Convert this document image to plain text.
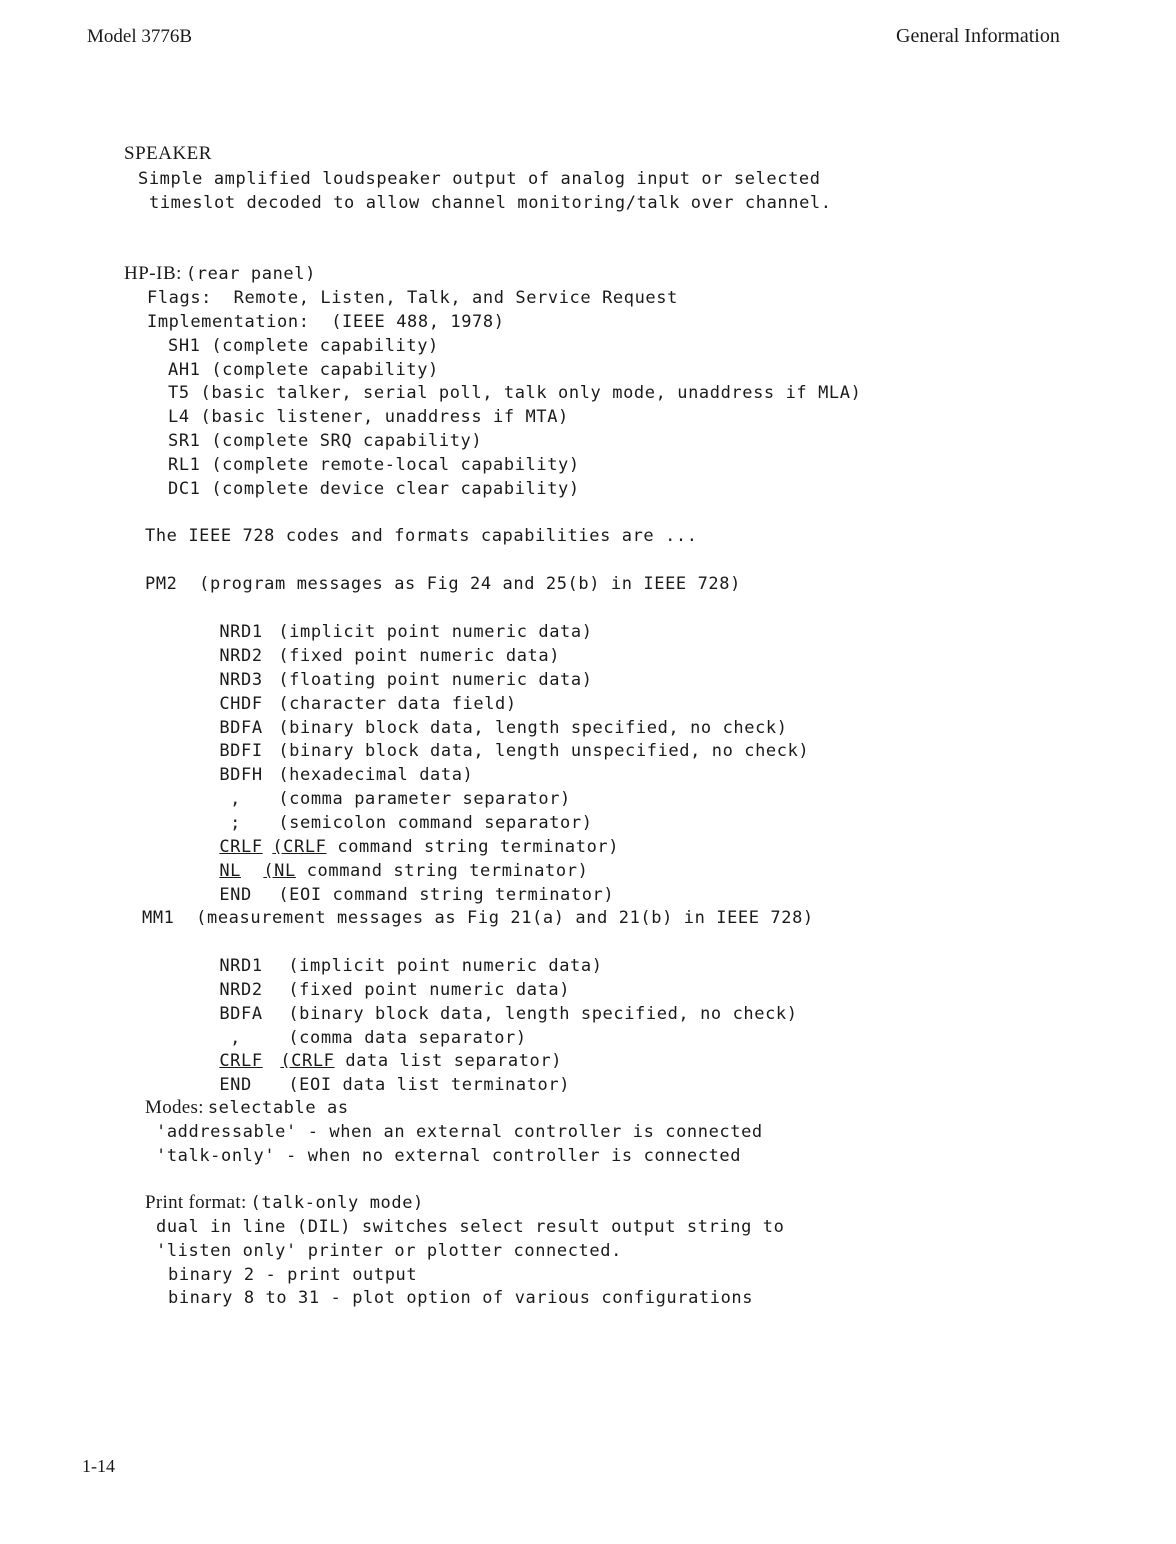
Model 3776B	General Information
1-14
SPEAKER
Simple amplified loudspeaker output of analog input or selected
timeslot decoded to allow channel monitoring/talk over channel.
HP-IB: (rear panel)
Flags:  Remote, Listen, Talk, and Service Request
Implementation:  (IEEE 488, 1978)
SH1 (complete capability)
AH1 (complete capability)
T5 (basic talker, serial poll, talk only mode, unaddress if MLA)
L4 (basic listener, unaddress if MTA)
SR1 (complete SRQ capability)
RL1 (complete remote-local capability)
DC1 (complete device clear capability)
The IEEE 728 codes and formats capabilities are ...
PM2  (program messages as Fig 24 and 25(b) in IEEE 728)

NRD1 (implicit point numeric data)

NRD2 (fixed point numeric data)

NRD3 (floating point numeric data)

CHDF (character data field)

BDFA (binary block data, length specified, no check)

BDFI (binary block data, length unspecified, no check)

BDFH (hexadecimal data)

, (comma parameter separator)

; (semicolon command separator)

CRLF (CRLF command string terminator)

NL (NL command string terminator)

END (EOI command string terminator)

MM1  (measurement messages as Fig 21(a) and 21(b) in IEEE 728)

NRD1 (implicit point numeric data)

NRD2 (fixed point numeric data)

BDFA (binary block data, length specified, no check)

,	(comma data separator)

CRLF (CRLF data list separator)

END (EOI data list terminator)

Modes: selectable as
'addressable' - when an external controller is connected
'talk-only' - when no external controller is connected
Print format: (talk-only mode)
dual in line (DIL) switches select result output string to
'listen only' printer or plotter connected.
binary 2 - print output
binary 8 to 31 - plot option of various configurations
